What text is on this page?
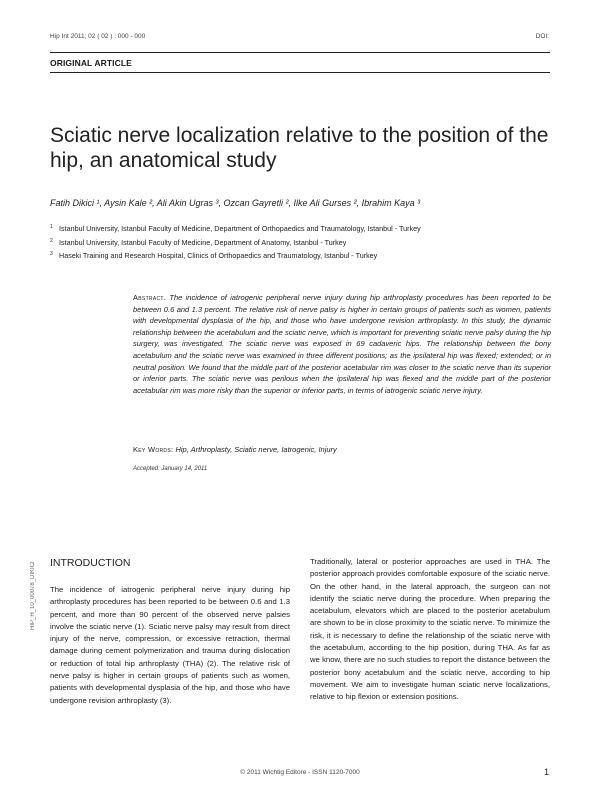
Hip Int 2011; 02 ( 02 ) : 000 - 000	DOI:
ORIGINAL ARTICLE
Sciatic nerve localization relative to the position of the hip, an anatomical study
Fatih Dikici ¹, Aysin Kale ², Ali Akin Ugras ³, Ozcan Gayretli ², Ilke Ali Gurses ², Ibrahim Kaya ³
1 Istanbul University, Istanbul Faculty of Medicine, Department of Orthopaedics and Traumatology, Istanbul - Turkey
2 Istanbul University, Istanbul Faculty of Medicine, Department of Anatomy, Istanbul - Turkey
3 Haseki Training and Research Hospital, Clinics of Orthopaedics and Traumatology, Istanbul - Turkey
Abstract. The incidence of iatrogenic peripheral nerve injury during hip arthroplasty procedures has been reported to be between 0.6 and 1.3 percent. The relative risk of nerve palsy is higher in certain groups of patients such as women, patients with developmental dysplasia of the hip, and those who have undergone revision arthroplasty. In this study, the dynamic relationship between the acetabulum and the sciatic nerve, which is important for preventing sciatic nerve palsy during the hip surgery, was investigated. The sciatic nerve was exposed in 69 cadaveric hips. The relationship between the bony acetabulum and the sciatic nerve was examined in three different positions; as the ipsilateral hip was flexed; extended; or in neutral position. We found that the middle part of the posterior acetabular rim was closer to the sciatic nerve than its superior or inferior parts. The sciatic nerve was perilous when the ipsilateral hip was flexed and the middle part of the posterior acetabular rim was more risky than the superior or inferior parts, in terms of iatrogenic sciatic nerve injury.
Key Words: Hip, Arthroplasty, Sciatic nerve, Iatrogenic, Injury
Accepted: January 14, 2011
HIP_H_10_00078_DIKICI INTRODUCTION
The incidence of iatrogenic peripheral nerve injury during hip arthroplasty procedures has been reported to be between 0.6 and 1.3 percent, and more than 90 percent of the observed nerve palsies involve the sciatic nerve (1). Sciatic nerve palsy may result from direct injury of the nerve, compression, or excessive retraction, thermal damage during cement polymerization and trauma during dislocation or reduction of total hip arthroplasty (THA) (2). The relative risk of nerve palsy is higher in certain groups of patients such as women, patients with developmental dysplasia of the hip, and those who have undergone revision arthroplasty (3).
Traditionally, lateral or posterior approaches are used in THA. The posterior approach provides comfortable exposure of the sciatic nerve. On the other hand, in the lateral approach, the surgeon can not identify the sciatic nerve during the procedure. When preparing the acetabulum, elevators which are placed to the posterior acetabulum are shown to be in close proximity to the sciatic nerve. To minimize the risk, it is necessary to define the relationship of the sciatic nerve with the acetabulum, according to the hip position, during THA. As far as we know, there are no such studies to report the distance between the posterior bony acetabulum and the sciatic nerve, according to hip movement. We aim to investigate human sciatic nerve localizations, relative to hip flexion or extension positions.
© 2011 Wichtig Editore - ISSN 1120-7000	1
